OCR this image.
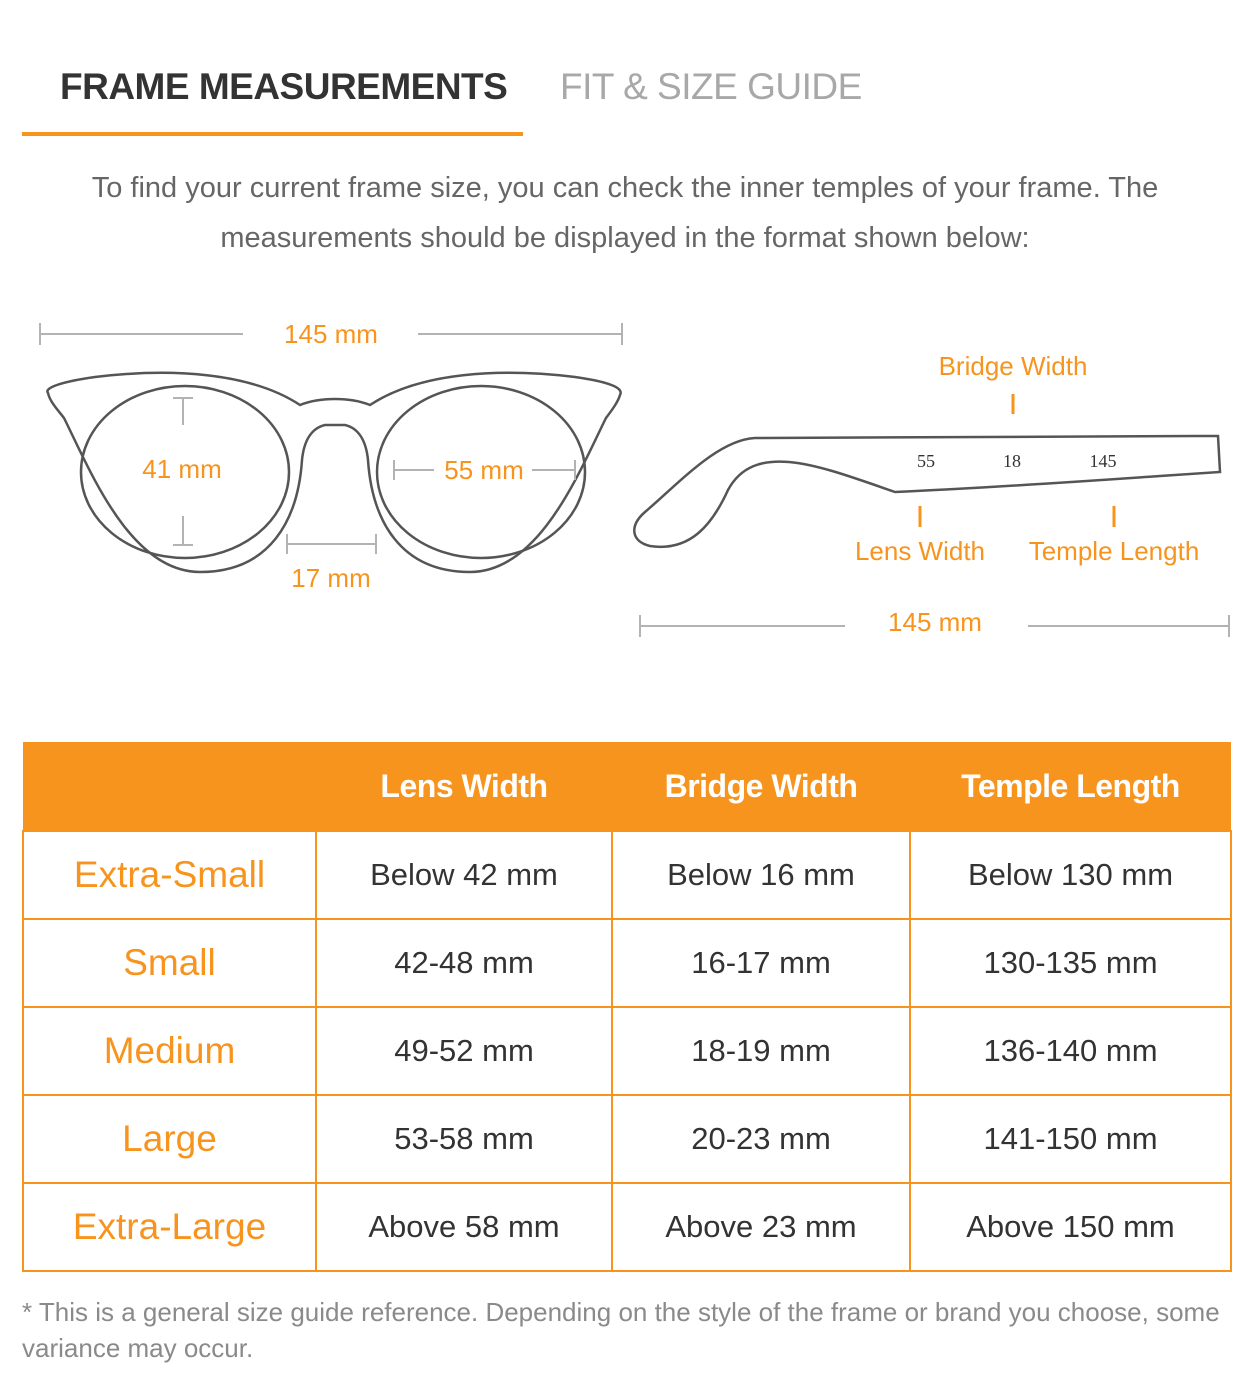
FRAME MEASUREMENTS FIT & SIZE GUIDE
To find your current frame size, you can check the inner temples of your frame. The measurements should be displayed in the format shown below:
145 mm
41 mm	55 mm
17 mm
55	18	145
Bridge Width
Lens Width Temple Length
145 mm
	Lens Width	Bridge Width	Temple Length
Extra-Small	Below 42 mm	Below 16 mm	Below 130 mm
Small	42-48 mm	16-17 mm	130-135 mm
Medium	49-52 mm	18-19 mm	136-140 mm
Large	53-58 mm	20-23 mm	141-150 mm
Extra-Large	Above 58 mm	Above 23 mm	Above 150 mm
* This is a general size guide reference. Depending on the style of the frame or brand you choose, some variance may occur.
